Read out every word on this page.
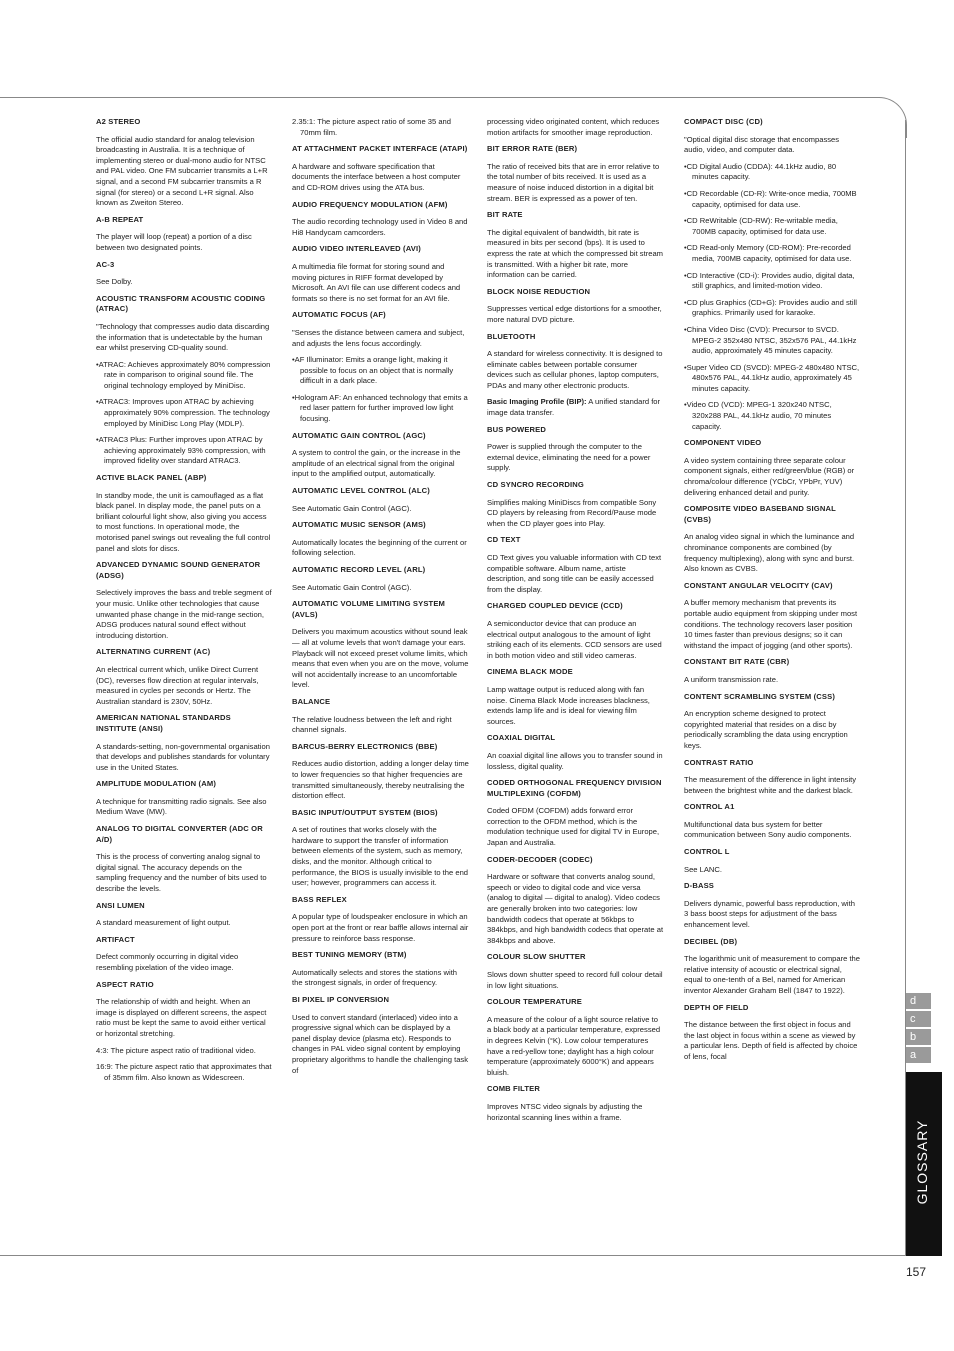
A2 STEREO
The official audio standard for analog television broadcasting in Australia. It is a technique of implementing stereo or dual-mono audio for NTSC and PAL video. One FM subcarrier transmits a L+R signal, and a second FM subcarrier transmits a R signal (for stereo) or a second L+R signal. Also known as Zweiton Stereo.
A-B REPEAT
The player will loop (repeat) a portion of a disc between two designated points.
AC-3
See Dolby.
ACOUSTIC TRANSFORM ACOUSTIC CODING (ATRAC)
"Technology that compresses audio data discarding the information that is undetectable by the human ear whilst preserving CD-quality sound.
•ATRAC: Achieves approximately 80% compression rate in comparison to original sound file. The original technology employed by MiniDisc.
•ATRAC3: Improves upon ATRAC by achieving approximately 90% compression. The technology employed by MiniDisc Long Play (MDLP).
•ATRAC3 Plus: Further improves upon ATRAC by achieving approximately 93% compression, with improved fidelity over standard ATRAC3.
ACTIVE BLACK PANEL (ABP)
In standby mode, the unit is camouflaged as a flat black panel. In display mode, the panel puts on a brilliant colourful light show, also giving you access to most functions. In operational mode, the motorised panel swings out revealing the full control panel and slots for discs.
ADVANCED DYNAMIC SOUND GENERATOR (ADSG)
Selectively improves the bass and treble segment of your music. Unlike other technologies that cause unwanted phase change in the mid-range section, ADSG produces natural sound effect without introducing distortion.
ALTERNATING CURRENT (AC)
An electrical current which, unlike Direct Current (DC), reverses flow direction at regular intervals, measured in cycles per seconds or Hertz. The Australian standard is 230V, 50Hz.
AMERICAN NATIONAL STANDARDS INSTITUTE (ANSI)
A standards-setting, non-governmental organisation that develops and publishes standards for voluntary use in the United States.
AMPLITUDE MODULATION (AM)
A technique for transmitting radio signals. See also Medium Wave (MW).
ANALOG TO DIGITAL CONVERTER (ADC OR A/D)
This is the process of converting analog signal to digital signal. The accuracy depends on the sampling frequency and the number of bits used to describe the levels.
ANSI LUMEN
A standard measurement of light output.
ARTIFACT
Defect commonly occurring in digital video resembling pixelation of the video image.
ASPECT RATIO
The relationship of width and height. When an image is displayed on different screens, the aspect ratio must be kept the same to avoid either vertical or horizontal stretching.
4:3: The picture aspect ratio of traditional video.
16:9: The picture aspect ratio that approximates that of 35mm film. Also known as Widescreen.
2.35:1: The picture aspect ratio of some 35 and 70mm film.
AT ATTACHMENT PACKET INTERFACE (ATAPI)
A hardware and software specification that documents the interface between a host computer and CD-ROM drives using the ATA bus.
AUDIO FREQUENCY MODULATION (AFM)
The audio recording technology used in Video 8 and Hi8 Handycam camcorders.
AUDIO VIDEO INTERLEAVED (AVI)
A multimedia file format for storing sound and moving pictures in RIFF format developed by Microsoft. An AVI file can use different codecs and formats so there is no set format for an AVI file.
AUTOMATIC FOCUS (AF)
"Senses the distance between camera and subject, and adjusts the lens focus accordingly.
•AF Illuminator: Emits a orange light, making it possible to focus on an object that is normally difficult in a dark place.
•Hologram AF: An enhanced technology that emits a red laser pattern for further improved low light focusing.
AUTOMATIC GAIN CONTROL (AGC)
A system to control the gain, or the increase in the amplitude of an electrical signal from the original input to the amplified output, automatically.
AUTOMATIC LEVEL CONTROL (ALC)
See Automatic Gain Control (AGC).
AUTOMATIC MUSIC SENSOR (AMS)
Automatically locates the beginning of the current or following selection.
AUTOMATIC RECORD LEVEL (ARL)
See Automatic Gain Control (AGC).
AUTOMATIC VOLUME LIMITING SYSTEM (AVLS)
Delivers you maximum acoustics without sound leak — all at volume levels that won't damage your ears. Playback will not exceed preset volume limits, which means that even when you are on the move, volume will not accidentally increase to an uncomfortable level.
BALANCE
The relative loudness between the left and right channel signals.
BARCUS-BERRY ELECTRONICS (BBE)
Reduces audio distortion, adding a longer delay time to lower frequencies so that higher frequencies are transmitted simultaneously, thereby neutralising the distortion effect.
BASIC INPUT/OUTPUT SYSTEM (BIOS)
A set of routines that works closely with the hardware to support the transfer of information between elements of the system, such as memory, disks, and the monitor. Although critical to performance, the BIOS is usually invisible to the end user; however, programmers can access it.
BASS REFLEX
A popular type of loudspeaker enclosure in which an open port at the front or rear baffle allows internal air pressure to reinforce bass response.
BEST TUNING MEMORY (BTM)
Automatically selects and stores the stations with the strongest signals, in order of frequency.
BI PIXEL IP CONVERSION
Used to convert standard (interlaced) video into a progressive signal which can be displayed by a panel display device (plasma etc). Responds to changes in PAL video signal content by employing proprietary algorithms to handle the challenging task of
processing video originated content, which reduces motion artifacts for smoother image reproduction.
BIT ERROR RATE (BER)
The ratio of received bits that are in error relative to the total number of bits received. It is used as a measure of noise induced distortion in a digital bit stream. BER is expressed as a power of ten.
BIT RATE
The digital equivalent of bandwidth, bit rate is measured in bits per second (bps). It is used to express the rate at which the compressed bit stream is transmitted. With a higher bit rate, more information can be carried.
BLOCK NOISE REDUCTION
Suppresses vertical edge distortions for a smoother, more natural DVD picture.
BLUETOOTH
A standard for wireless connectivity. It is designed to eliminate cables between portable consumer devices such as cellular phones, laptop computers, PDAs and many other electronic products.
Basic Imaging Profile (BIP): A unified standard for image data transfer.
BUS POWERED
Power is supplied through the computer to the external device, eliminating the need for a power supply.
CD SYNCRO RECORDING
Simplifies making MiniDiscs from compatible Sony CD players by releasing from Record/Pause mode when the CD player goes into Play.
CD TEXT
CD Text gives you valuable information with CD text compatible software. Album name, artiste description, and song title can be easily accessed from the display.
CHARGED COUPLED DEVICE (CCD)
A semiconductor device that can produce an electrical output analogous to the amount of light striking each of its elements. CCD sensors are used in both motion video and still video cameras.
CINEMA BLACK MODE
Lamp wattage output is reduced along with fan noise. Cinema Black Mode increases blackness, extends lamp life and is ideal for viewing film sources.
COAXIAL DIGITAL
An coaxial digital line allows you to transfer sound in lossless, digital quality.
CODED ORTHOGONAL FREQUENCY DIVISION MULTIPLEXING (COFDM)
Coded OFDM (COFDM) adds forward error correction to the OFDM method, which is the modulation technique used for digital TV in Europe, Japan and Australia.
CODER-DECODER (CODEC)
Hardware or software that converts analog sound, speech or video to digital code and vice versa (analog to digital — digital to analog). Video codecs are generally broken into two categories: low bandwidth codecs that operate at 56kbps to 384kbps, and high bandwidth codecs that operate at 384kbps and above.
COLOUR SLOW SHUTTER
Slows down shutter speed to record full colour detail in low light situations.
COLOUR TEMPERATURE
A measure of the colour of a light source relative to a black body at a particular temperature, expressed in degrees Kelvin (°K). Low colour temperatures have a red-yellow tone; daylight has a high colour temperature (approximately 6000°K) and appears bluish.
COMB FILTER
Improves NTSC video signals by adjusting the horizontal scanning lines within a frame.
COMPACT DISC (CD)
"Optical digital disc storage that encompasses audio, video, and computer data.
•CD Digital Audio (CDDA): 44.1kHz audio, 80 minutes capacity.
•CD Recordable (CD-R): Write-once media, 700MB capacity, optimised for data use.
•CD ReWritable (CD-RW): Re-writable media, 700MB capacity, optimised for data use.
•CD Read-only Memory (CD-ROM): Pre-recorded media, 700MB capacity, optimised for data use.
•CD Interactive (CD-i): Provides audio, digital data, still graphics, and limited-motion video.
•CD plus Graphics (CD+G): Provides audio and still graphics. Primarily used for karaoke.
•China Video Disc (CVD): Precursor to SVCD. MPEG-2 352x480 NTSC, 352x576 PAL, 44.1kHz audio, approximately 45 minutes capacity.
•Super Video CD (SVCD): MPEG-2 480x480 NTSC, 480x576 PAL, 44.1kHz audio, approximately 45 minutes capacity.
•Video CD (VCD): MPEG-1 320x240 NTSC, 320x288 PAL, 44.1kHz audio, 70 minutes capacity.
COMPONENT VIDEO
A video system containing three separate colour component signals, either red/green/blue (RGB) or chroma/colour difference (YCbCr, YPbPr, YUV) delivering enhanced detail and purity.
COMPOSITE VIDEO BASEBAND SIGNAL (CVBS)
An analog video signal in which the luminance and chrominance components are combined (by frequency multiplexing), along with sync and burst. Also known as CVBS.
CONSTANT ANGULAR VELOCITY (CAV)
A buffer memory mechanism that prevents its portable audio equipment from skipping under most conditions. The technology recovers laser position 10 times faster than previous designs; so it can withstand the impact of jogging (and other sports).
CONSTANT BIT RATE (CBR)
A uniform transmission rate.
CONTENT SCRAMBLING SYSTEM (CSS)
An encryption scheme designed to protect copyrighted material that resides on a disc by periodically scrambling the data using encryption keys.
CONTRAST RATIO
The measurement of the difference in light intensity between the brightest white and the darkest black.
CONTROL A1
Multifunctional data bus system for better communication between Sony audio components.
CONTROL L
See LANC.
D-BASS
Delivers dynamic, powerful bass reproduction, with 3 bass boost steps for adjustment of the bass enhancement level.
DECIBEL (DB)
The logarithmic unit of measurement to compare the relative intensity of acoustic or electrical signal, equal to one-tenth of a Bel, named for American inventor Alexander Graham Bell (1847 to 1922).
DEPTH OF FIELD
The distance between the first object in focus and the last object in focus within a scene as viewed by a particular lens. Depth of field is affected by choice of lens, focal
d
c
b
a
GLOSSARY
157
